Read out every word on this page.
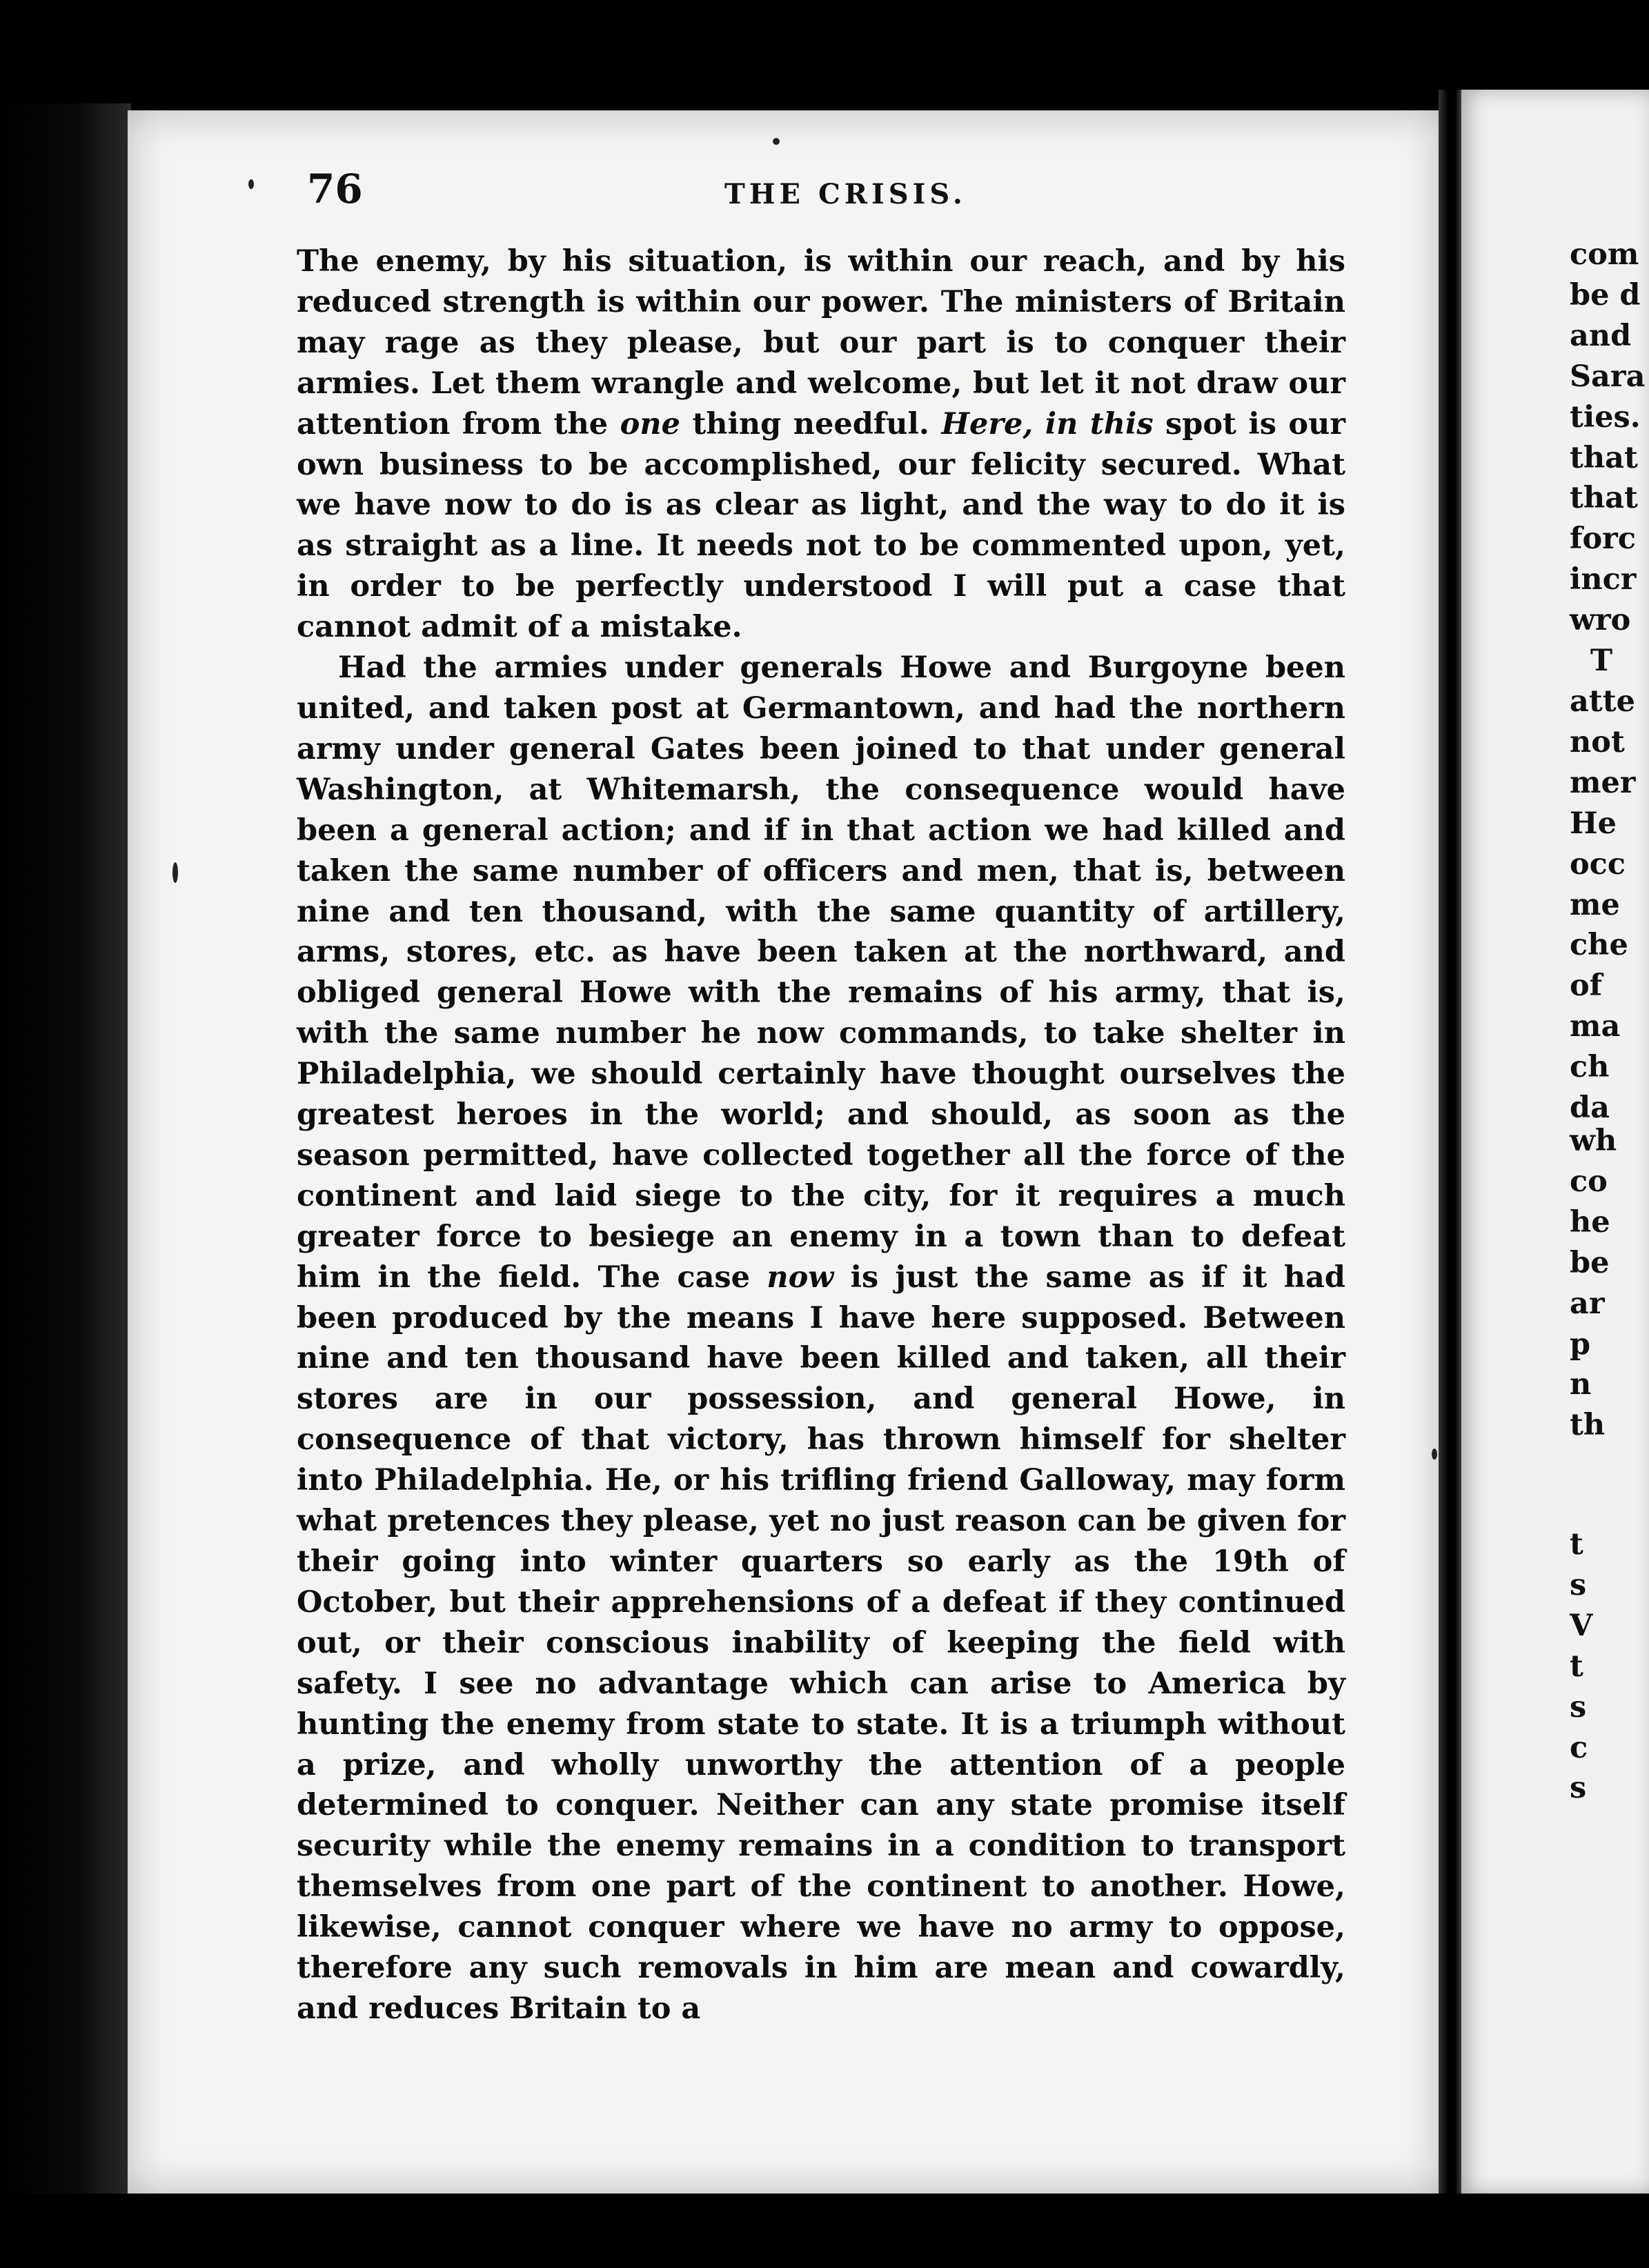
76	THE CRISIS.

The enemy, by his situation, is within our reach, and by his reduced strength is within our power. The ministers of Britain may rage as they please, but our part is to conquer their armies. Let them wrangle and welcome, but let it not draw our attention from the one thing needful. Here, in this spot is our own business to be accomplished, our felicity secured. What we have now to do is as clear as light, and the way to do it is as straight as a line. It needs not to be commented upon, yet, in order to be perfectly understood I will put a case that cannot admit of a mistake.

Had the armies under generals Howe and Burgoyne been united, and taken post at Germantown, and had the northern army under general Gates been joined to that under general Washington, at Whitemarsh, the consequence would have been a general action; and if in that action we had killed and taken the same number of officers and men, that is, between nine and ten thousand, with the same quantity of artillery, arms, stores, etc. as have been taken at the northward, and obliged general Howe with the remains of his army, that is, with the same number he now commands, to take shelter in Philadelphia, we should certainly have thought ourselves the greatest heroes in the world; and should, as soon as the season permitted, have collected together all the force of the continent and laid siege to the city, for it requires a much greater force to besiege an enemy in a town than to defeat him in the field. The case now is just the same as if it had been produced by the means I have here supposed. Between nine and ten thousand have been killed and taken, all their stores are in our possession, and general Howe, in consequence of that victory, has thrown himself for shelter into Philadelphia. He, or his trifling friend Galloway, may form what pretences they please, yet no just reason can be given for their going into winter quarters so early as the 19th of October, but their apprehensions of a defeat if they continued out, or their conscious inability of keeping the field with safety. I see no advantage which can arise to America by hunting the enemy from state to state. It is a triumph without a prize, and wholly unworthy the attention of a people determined to conquer. Neither can any state promise itself security while the enemy remains in a condition to transport themselves from one part of the continent to another. Howe, likewise, cannot conquer where we have no army to oppose, therefore any such removals in him are mean and cowardly, and reduces Britain to a

com
be d
and
Sara
ties.
that
that
forc
incr
wro
T
atte
not
mer
He
occ
me
che
of
ma
ch
da
wh
co
he
be
ar
p
n
th
t
s
V
t
s
c
s
